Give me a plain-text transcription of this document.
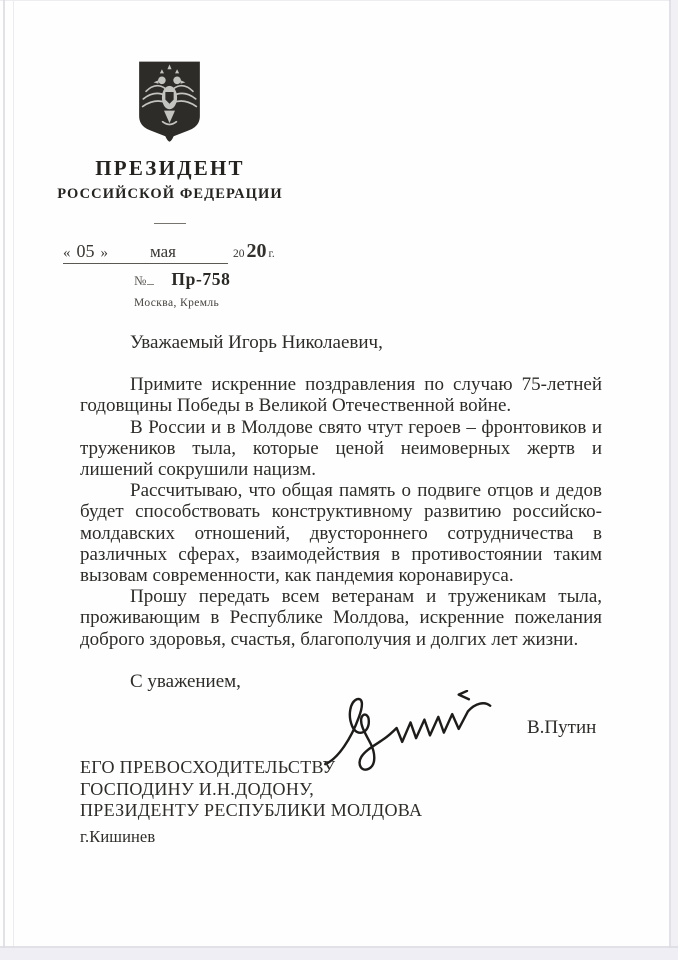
ПРЕЗИДЕНТ
РОССИЙСКОЙ ФЕДЕРАЦИИ
« 05 » мая	20 20 г.
№ Пр-758
Москва, Кремль
Уважаемый Игорь Николаевич,

Примите искренние поздравления по случаю 75-летней годовщины Победы в Великой Отечественной войне.

В России и в Молдове свято чтут героев – фронтовиков и тружеников тыла, которые ценой неимоверных жертв и лишений сокрушили нацизм.

Рассчитываю, что общая память о подвиге отцов и дедов будет способствовать конструктивному развитию российско-молдавских отношений, двустороннего сотрудничества в различных сферах, взаимодействия в противостоянии таким вызовам современности, как пандемия коронавируса.

Прошу передать всем ветеранам и труженикам тыла, проживающим в Республике Молдова, искренние пожелания доброго здоровья, счастья, благополучия и долгих лет жизни.

С уважением,
В.Путин
ЕГО ПРЕВОСХОДИТЕЛЬСТВУ
ГОСПОДИНУ И.Н.ДОДОНУ,
ПРЕЗИДЕНТУ РЕСПУБЛИКИ МОЛДОВА
г.Кишинев
